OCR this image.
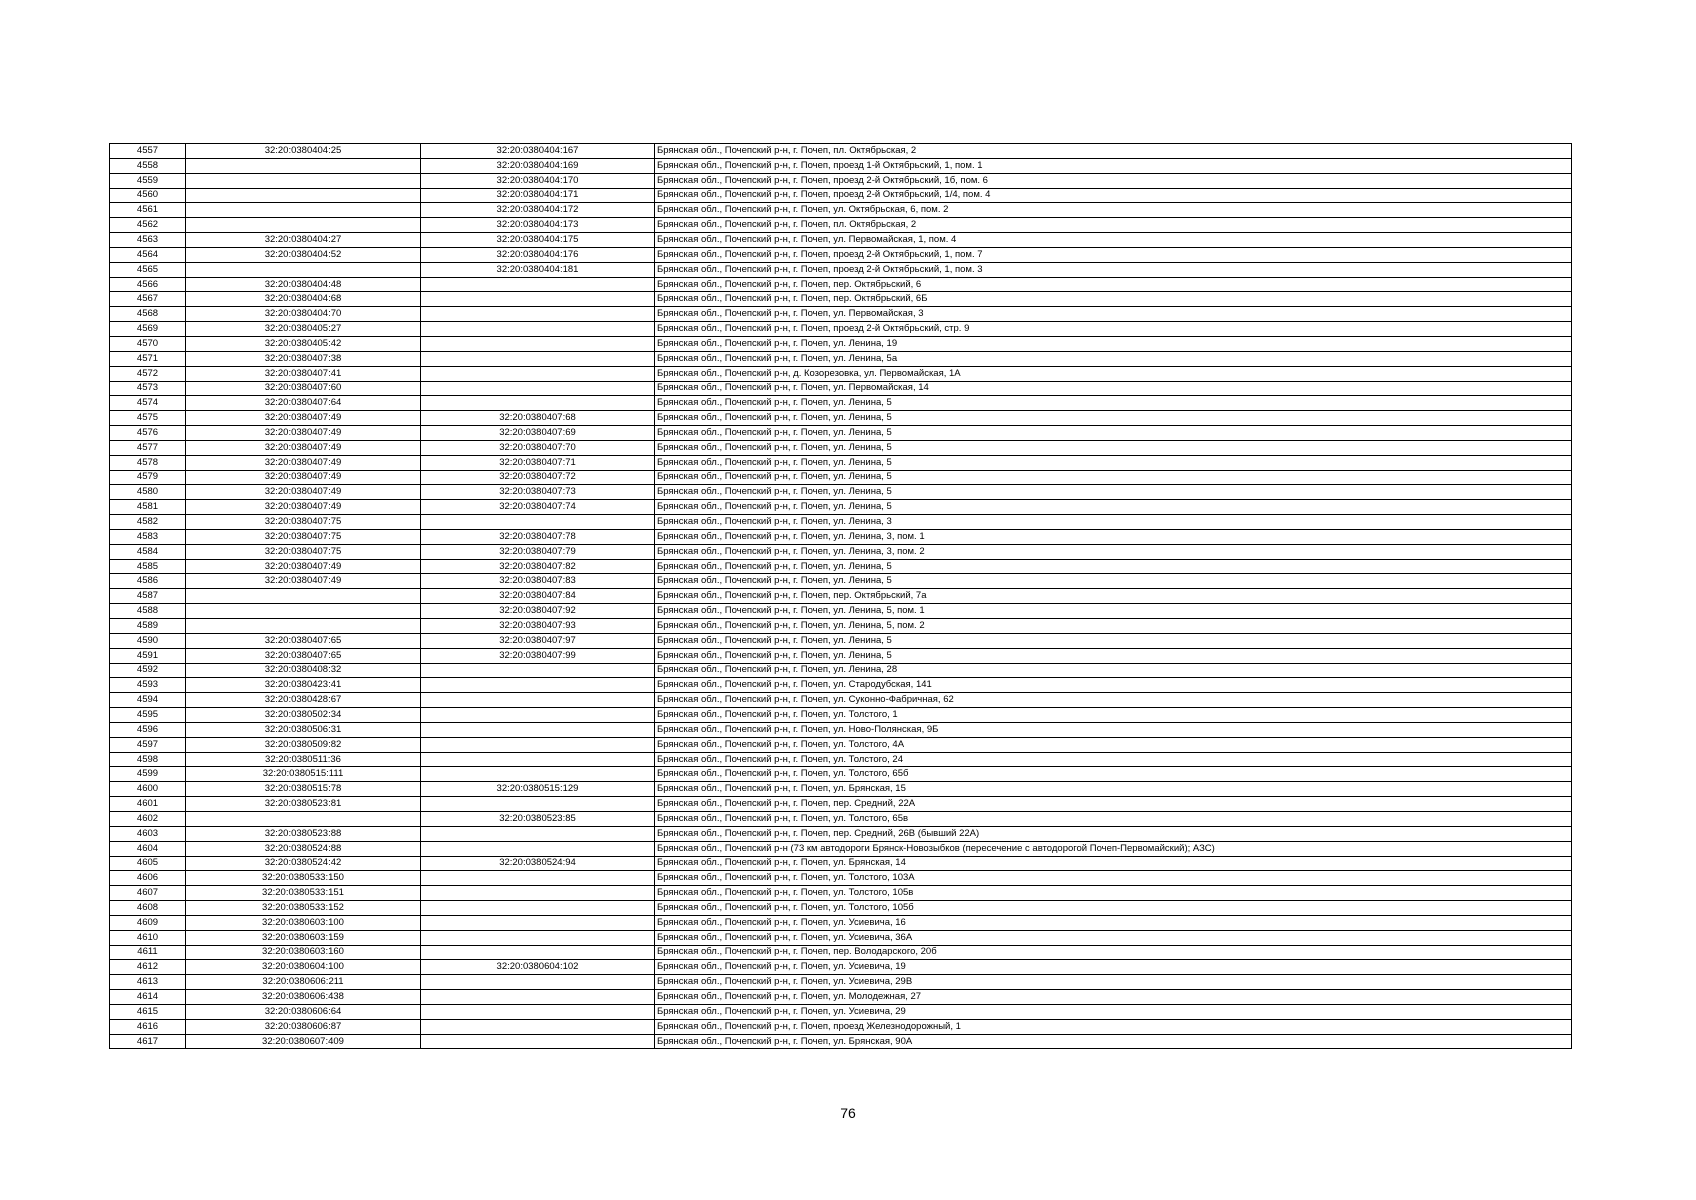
4557	32:20:0380404:25	32:20:0380404:167	Брянская обл., Почепский р-н, г. Почеп, пл. Октябрьская, 2
4558		32:20:0380404:169	Брянская обл., Почепский р-н, г. Почеп, проезд 1-й Октябрьский, 1, пом. 1
4559		32:20:0380404:170	Брянская обл., Почепский р-н, г. Почеп, проезд 2-й Октябрьский, 1б, пом. 6
4560		32:20:0380404:171	Брянская обл., Почепский р-н, г. Почеп, проезд 2-й Октябрьский, 1/4, пом. 4
4561		32:20:0380404:172	Брянская обл., Почепский р-н, г. Почеп, ул. Октябрьская, 6, пом. 2
4562		32:20:0380404:173	Брянская обл., Почепский р-н, г. Почеп, пл. Октябрьская, 2
4563	32:20:0380404:27	32:20:0380404:175	Брянская обл., Почепский р-н, г. Почеп, ул. Первомайская, 1, пом. 4
4564	32:20:0380404:52	32:20:0380404:176	Брянская обл., Почепский р-н, г. Почеп, проезд 2-й Октябрьский, 1, пом. 7
4565		32:20:0380404:181	Брянская обл., Почепский р-н, г. Почеп, проезд 2-й Октябрьский, 1, пом. 3
4566	32:20:0380404:48		Брянская обл., Почепский р-н, г. Почеп, пер. Октябрьский, 6
4567	32:20:0380404:68		Брянская обл., Почепский р-н, г. Почеп, пер. Октябрьский, 6Б
4568	32:20:0380404:70		Брянская обл., Почепский р-н, г. Почеп, ул. Первомайская, 3
4569	32:20:0380405:27		Брянская обл., Почепский р-н, г. Почеп, проезд 2-й Октябрьский, стр. 9
4570	32:20:0380405:42		Брянская обл., Почепский р-н, г. Почеп, ул. Ленина, 19
4571	32:20:0380407:38		Брянская обл., Почепский р-н, г. Почеп, ул. Ленина, 5а
4572	32:20:0380407:41		Брянская обл., Почепский р-н, д. Козорезовка, ул. Первомайская, 1А
4573	32:20:0380407:60		Брянская обл., Почепский р-н, г. Почеп, ул. Первомайская, 14
4574	32:20:0380407:64		Брянская обл., Почепский р-н, г. Почеп, ул. Ленина, 5
4575	32:20:0380407:49	32:20:0380407:68	Брянская обл., Почепский р-н, г. Почеп, ул. Ленина, 5
4576	32:20:0380407:49	32:20:0380407:69	Брянская обл., Почепский р-н, г. Почеп, ул. Ленина, 5
4577	32:20:0380407:49	32:20:0380407:70	Брянская обл., Почепский р-н, г. Почеп, ул. Ленина, 5
4578	32:20:0380407:49	32:20:0380407:71	Брянская обл., Почепский р-н, г. Почеп, ул. Ленина, 5
4579	32:20:0380407:49	32:20:0380407:72	Брянская обл., Почепский р-н, г. Почеп, ул. Ленина, 5
4580	32:20:0380407:49	32:20:0380407:73	Брянская обл., Почепский р-н, г. Почеп, ул. Ленина, 5
4581	32:20:0380407:49	32:20:0380407:74	Брянская обл., Почепский р-н, г. Почеп, ул. Ленина, 5
4582	32:20:0380407:75		Брянская обл., Почепский р-н, г. Почеп, ул. Ленина, 3
4583	32:20:0380407:75	32:20:0380407:78	Брянская обл., Почепский р-н, г. Почеп, ул. Ленина, 3, пом. 1
4584	32:20:0380407:75	32:20:0380407:79	Брянская обл., Почепский р-н, г. Почеп, ул. Ленина, 3, пом. 2
4585	32:20:0380407:49	32:20:0380407:82	Брянская обл., Почепский р-н, г. Почеп, ул. Ленина, 5
4586	32:20:0380407:49	32:20:0380407:83	Брянская обл., Почепский р-н, г. Почеп, ул. Ленина, 5
4587		32:20:0380407:84	Брянская обл., Почепский р-н, г. Почеп, пер. Октябрьский, 7а
4588		32:20:0380407:92	Брянская обл., Почепский р-н, г. Почеп, ул. Ленина, 5, пом. 1
4589		32:20:0380407:93	Брянская обл., Почепский р-н, г. Почеп, ул. Ленина, 5, пом. 2
4590	32:20:0380407:65	32:20:0380407:97	Брянская обл., Почепский р-н, г. Почеп, ул. Ленина, 5
4591	32:20:0380407:65	32:20:0380407:99	Брянская обл., Почепский р-н, г. Почеп, ул. Ленина, 5
4592	32:20:0380408:32		Брянская обл., Почепский р-н, г. Почеп, ул. Ленина, 28
4593	32:20:0380423:41		Брянская обл., Почепский р-н, г. Почеп, ул. Стародубская, 141
4594	32:20:0380428:67		Брянская обл., Почепский р-н, г. Почеп, ул. Суконно-Фабричная, 62
4595	32:20:0380502:34		Брянская обл., Почепский р-н, г. Почеп, ул. Толстого, 1
4596	32:20:0380506:31		Брянская обл., Почепский р-н, г. Почеп, ул. Ново-Полянская, 9Б
4597	32:20:0380509:82		Брянская обл., Почепский р-н, г. Почеп, ул. Толстого, 4А
4598	32:20:0380511:36		Брянская обл., Почепский р-н, г. Почеп, ул. Толстого, 24
4599	32:20:0380515:111		Брянская обл., Почепский р-н, г. Почеп, ул. Толстого, 65б
4600	32:20:0380515:78	32:20:0380515:129	Брянская обл., Почепский р-н, г. Почеп, ул. Брянская, 15
4601	32:20:0380523:81		Брянская обл., Почепский р-н, г. Почеп, пер. Средний, 22А
4602		32:20:0380523:85	Брянская обл., Почепский р-н, г. Почеп, ул. Толстого, 65в
4603	32:20:0380523:88		Брянская обл., Почепский р-н, г. Почеп, пер. Средний, 26В (бывший 22А)
4604	32:20:0380524:88		Брянская обл., Почепский р-н (73 км автодороги Брянск-Новозыбков (пересечение с автодорогой Почеп-Первомайский); АЗС)
4605	32:20:0380524:42	32:20:0380524:94	Брянская обл., Почепский р-н, г. Почеп, ул. Брянская, 14
4606	32:20:0380533:150		Брянская обл., Почепский р-н, г. Почеп, ул. Толстого, 103А
4607	32:20:0380533:151		Брянская обл., Почепский р-н, г. Почеп, ул. Толстого, 105в
4608	32:20:0380533:152		Брянская обл., Почепский р-н, г. Почеп, ул. Толстого, 105б
4609	32:20:0380603:100		Брянская обл., Почепский р-н, г. Почеп, ул. Усиевича, 16
4610	32:20:0380603:159		Брянская обл., Почепский р-н, г. Почеп, ул. Усиевича, 36А
4611	32:20:0380603:160		Брянская обл., Почепский р-н, г. Почеп, пер. Володарского, 20б
4612	32:20:0380604:100	32:20:0380604:102	Брянская обл., Почепский р-н, г. Почеп, ул. Усиевича, 19
4613	32:20:0380606:211		Брянская обл., Почепский р-н, г. Почеп, ул. Усиевича, 29В
4614	32:20:0380606:438		Брянская обл., Почепский р-н, г. Почеп, ул. Молодежная, 27
4615	32:20:0380606:64		Брянская обл., Почепский р-н, г. Почеп, ул. Усиевича, 29
4616	32:20:0380606:87		Брянская обл., Почепский р-н, г. Почеп, проезд Железнодорожный, 1
4617	32:20:0380607:409		Брянская обл., Почепский р-н, г. Почеп, ул. Брянская, 90А
76
